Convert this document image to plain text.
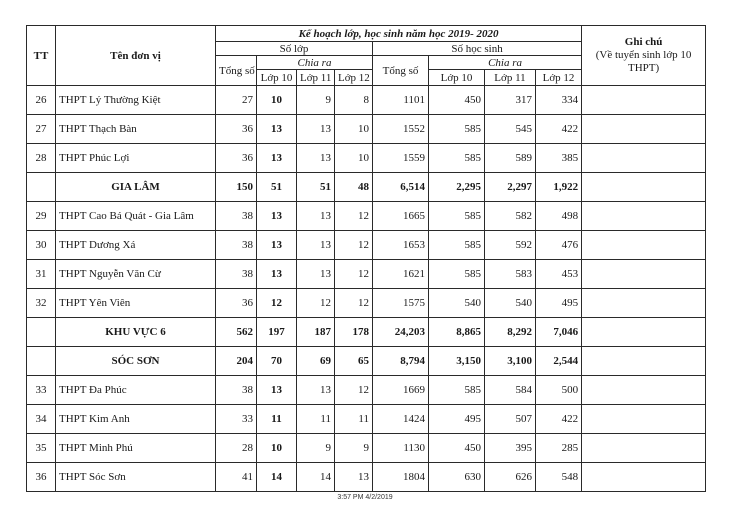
TT	Tên đơn vị	Kế hoạch lớp, học sinh năm học 2019- 2020								Ghi chú
(Về tuyển sinh lớp 10 THPT)
		Số lớp				Số học sinh				
		Tổng số	Chia ra			Tổng số	Chia ra			
			Lớp 10	Lớp 11	Lớp 12		Lớp 10	Lớp 11	Lớp 12	
26	THPT Lý Thường Kiệt	27	10	9	8	1101	450	317	334	
27	THPT Thạch Bàn	36	13	13	10	1552	585	545	422	
28	THPT Phúc Lợi	36	13	13	10	1559	585	589	385	
	GIA LÂM	150	51	51	48	6,514	2,295	2,297	1,922	
29	THPT Cao Bá Quát - Gia Lâm	38	13	13	12	1665	585	582	498	
30	THPT Dương Xá	38	13	13	12	1653	585	592	476	
31	THPT Nguyễn Văn Cừ	38	13	13	12	1621	585	583	453	
32	THPT Yên Viên	36	12	12	12	1575	540	540	495	
	KHU VỰC 6	562	197	187	178	24,203	8,865	8,292	7,046	
	SÓC SƠN	204	70	69	65	8,794	3,150	3,100	2,544	
33	THPT Đa Phúc	38	13	13	12	1669	585	584	500	
34	THPT Kim Anh	33	11	11	11	1424	495	507	422	
35	THPT Minh Phú	28	10	9	9	1130	450	395	285	
36	THPT Sóc Sơn	41	14	14	13	1804	630	626	548	
3:57 PM 4/2/2019
